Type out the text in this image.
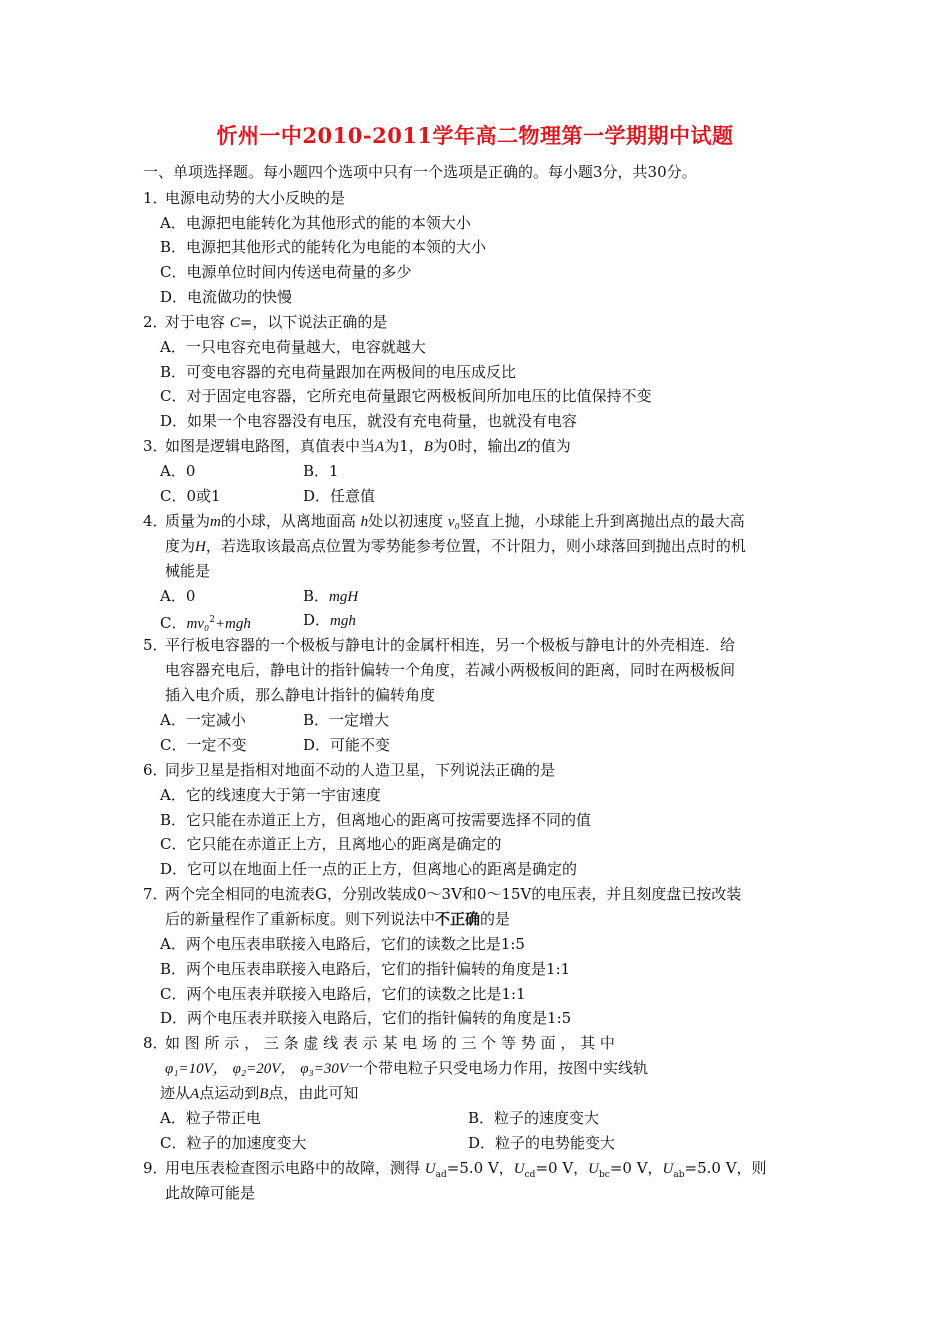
忻州一中2010-2011学年高二物理第一学期期中试题
一、单项选择题。每小题四个选项中只有一个选项是正确的。每小题3分，共30分。
1．电源电动势的大小反映的是
A．电源把电能转化为其他形式的能的本领大小
B．电源把其他形式的能转化为电能的本领的大小
C．电源单位时间内传送电荷量的多少
D．电流做功的快慢
2．对于电容 C=，以下说法正确的是
A．一只电容充电荷量越大，电容就越大
B．可变电容器的充电荷量跟加在两极间的电压成反比
C．对于固定电容器，它所充电荷量跟它两极板间所加电压的比值保持不变
D．如果一个电容器没有电压，就没有充电荷量，也就没有电容
3．如图是逻辑电路图，真值表中当A为1，B为0时，输出Z的值为
A．0	B．1
C．0或1	D．任意值
4．质量为m的小球，从离地面高 h处以初速度 v₀竖直上抛，小球能上升到离抛出点的最大高
度为H，若选取该最高点位置为零势能参考位置，不计阻力，则小球落回到抛出点时的机
械能是
A．0	B．mgH
C．mv₀$^2$+mgh	D．mgh
5．平行板电容器的一个极板与静电计的金属杆相连，另一个极板与静电计的外壳相连．给
电容器充电后，静电计的指针偏转一个角度，若减小两极板间的距离，同时在两极板间
插入电介质，那么静电计指针的偏转角度
A．一定减小	B．一定增大
C．一定不变	D．可能不变
6．同步卫星是指相对地面不动的人造卫星，下列说法正确的是
A．它的线速度大于第一宇宙速度
B．它只能在赤道正上方，但离地心的距离可按需要选择不同的值
C．它只能在赤道正上方，且离地心的距离是确定的
D．它可以在地面上任一点的正上方，但离地心的距离是确定的
7．两个完全相同的电流表G，分别改装成0～3V和0～15V的电压表，并且刻度盘已按改装
后的新量程作了重新标度。则下列说法中不正确的是
A．两个电压表串联接入电路后，它们的读数之比是1:5
B．两个电压表串联接入电路后，它们的指针偏转的角度是1:1
C．两个电压表并联接入电路后，它们的读数之比是1:1
D．两个电压表并联接入电路后，它们的指针偏转的角度是1:5
8．如 图 所 示 ， 三 条 虚 线 表 示 某 电 场 的 三 个 等 势 面 ， 其 中
φ₁=10V， φ₂=20V， φ₃=30V一个带电粒子只受电场力作用，按图中实线轨
迹从A点运动到B点，由此可知
A．粒子带正电	B．粒子的速度变大
C．粒子的加速度变大	D．粒子的电势能变大
9．用电压表检查图示电路中的故障，测得 $U_{ad}=5.0$ V，$U_{cd}=0$ V，$U_{bc}=0$ V，$U_{ab}=5.0$ V，则
此故障可能是
